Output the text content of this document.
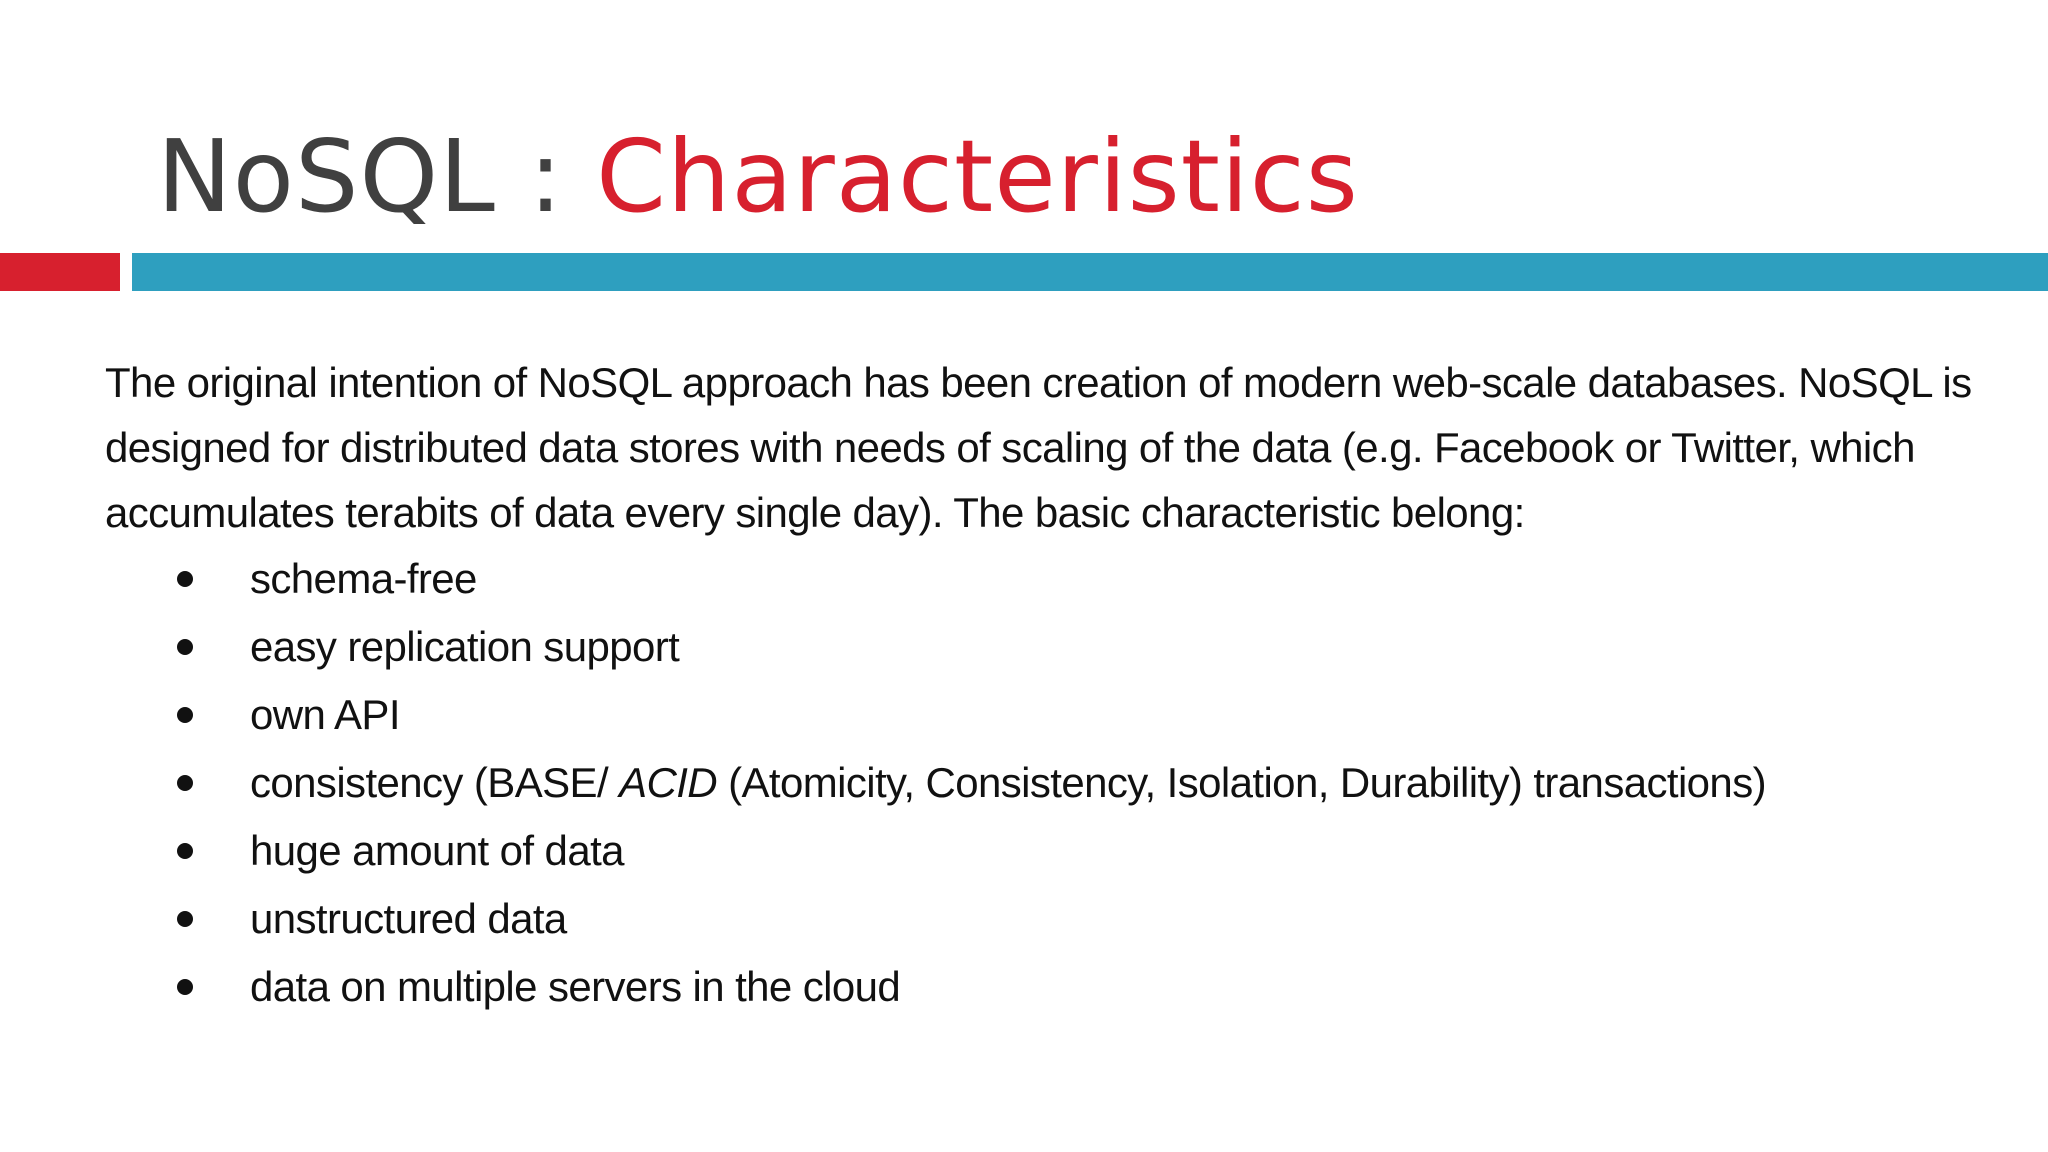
NoSQL : Characteristics

The original intention of NoSQL approach has been creation of modern web-scale databases. NoSQL is designed for distributed data stores with needs of scaling of the data (e.g. Facebook or Twitter, which accumulates terabits of data every single day). The basic characteristic belong:

schema-free
easy replication support
own API
consistency (BASE/ ACID (Atomicity, Consistency, Isolation, Durability) transactions)
huge amount of data
unstructured data
data on multiple servers in the cloud
